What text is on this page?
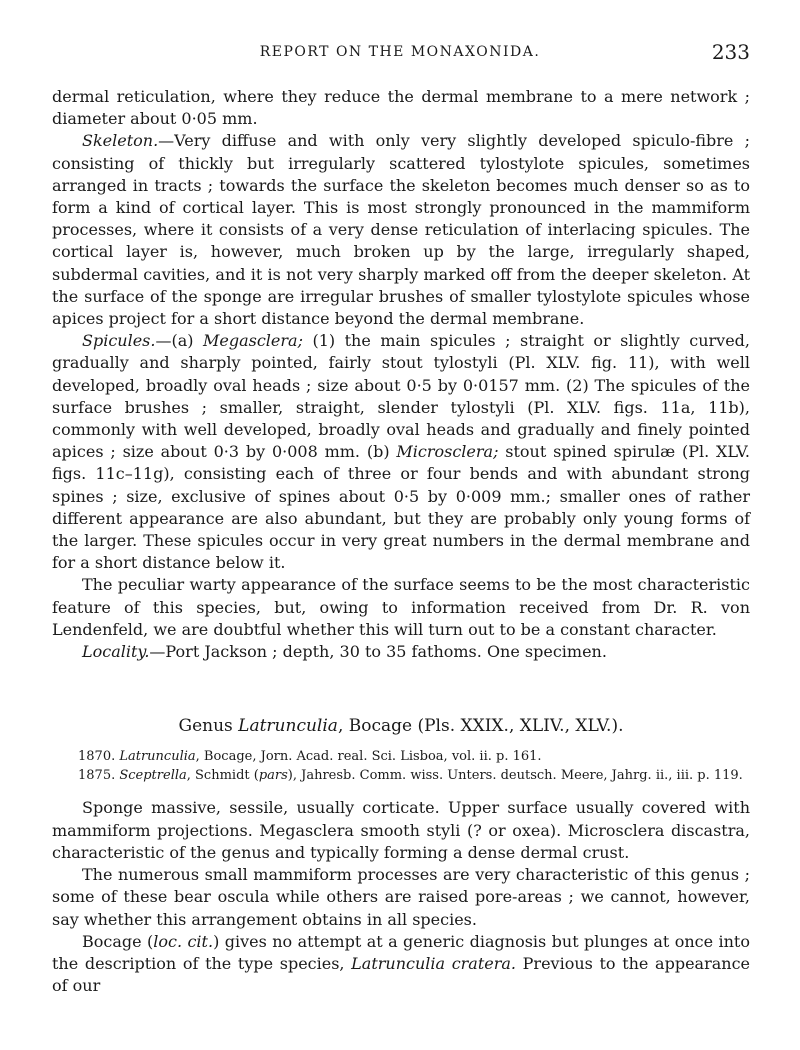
REPORT ON THE MONAXONIDA.	233

dermal reticulation, where they reduce the dermal membrane to a mere network ; diameter about 0·05 mm.

Skeleton.—Very diffuse and with only very slightly developed spiculo-fibre ; consisting of thickly but irregularly scattered tylostylote spicules, sometimes arranged in tracts ; towards the surface the skeleton becomes much denser so as to form a kind of cortical layer. This is most strongly pronounced in the mammiform processes, where it consists of a very dense reticulation of interlacing spicules. The cortical layer is, however, much broken up by the large, irregularly shaped, subdermal cavities, and it is not very sharply marked off from the deeper skeleton. At the surface of the sponge are irregular brushes of smaller tylostylote spicules whose apices project for a short distance beyond the dermal membrane.

Spicules.—(a) Megasclera; (1) the main spicules ; straight or slightly curved, gradually and sharply pointed, fairly stout tylostyli (Pl. XLV. fig. 11), with well developed, broadly oval heads ; size about 0·5 by 0·0157 mm. (2) The spicules of the surface brushes ; smaller, straight, slender tylostyli (Pl. XLV. figs. 11a, 11b), commonly with well developed, broadly oval heads and gradually and finely pointed apices ; size about 0·3 by 0·008 mm. (b) Microsclera; stout spined spirulæ (Pl. XLV. figs. 11c–11g), consisting each of three or four bends and with abundant strong spines ; size, exclusive of spines about 0·5 by 0·009 mm.; smaller ones of rather different appearance are also abundant, but they are probably only young forms of the larger. These spicules occur in very great numbers in the dermal membrane and for a short distance below it.

The peculiar warty appearance of the surface seems to be the most characteristic feature of this species, but, owing to information received from Dr. R. von Lendenfeld, we are doubtful whether this will turn out to be a constant character.

Locality.—Port Jackson ; depth, 30 to 35 fathoms. One specimen.

Genus Latrunculia, Bocage (Pls. XXIX., XLIV., XLV.).
1870. Latrunculia, Bocage, Jorn. Acad. real. Sci. Lisboa, vol. ii. p. 161.
1875. Sceptrella, Schmidt (pars), Jahresb. Comm. wiss. Unters. deutsch. Meere, Jahrg. ii., iii. p. 119.

Sponge massive, sessile, usually corticate. Upper surface usually covered with mammiform projections. Megasclera smooth styli (? or oxea). Microsclera discastra, characteristic of the genus and typically forming a dense dermal crust.

The numerous small mammiform processes are very characteristic of this genus ; some of these bear oscula while others are raised pore-areas ; we cannot, however, say whether this arrangement obtains in all species.

Bocage (loc. cit.) gives no attempt at a generic diagnosis but plunges at once into the description of the type species, Latrunculia cratera. Previous to the appearance of our
